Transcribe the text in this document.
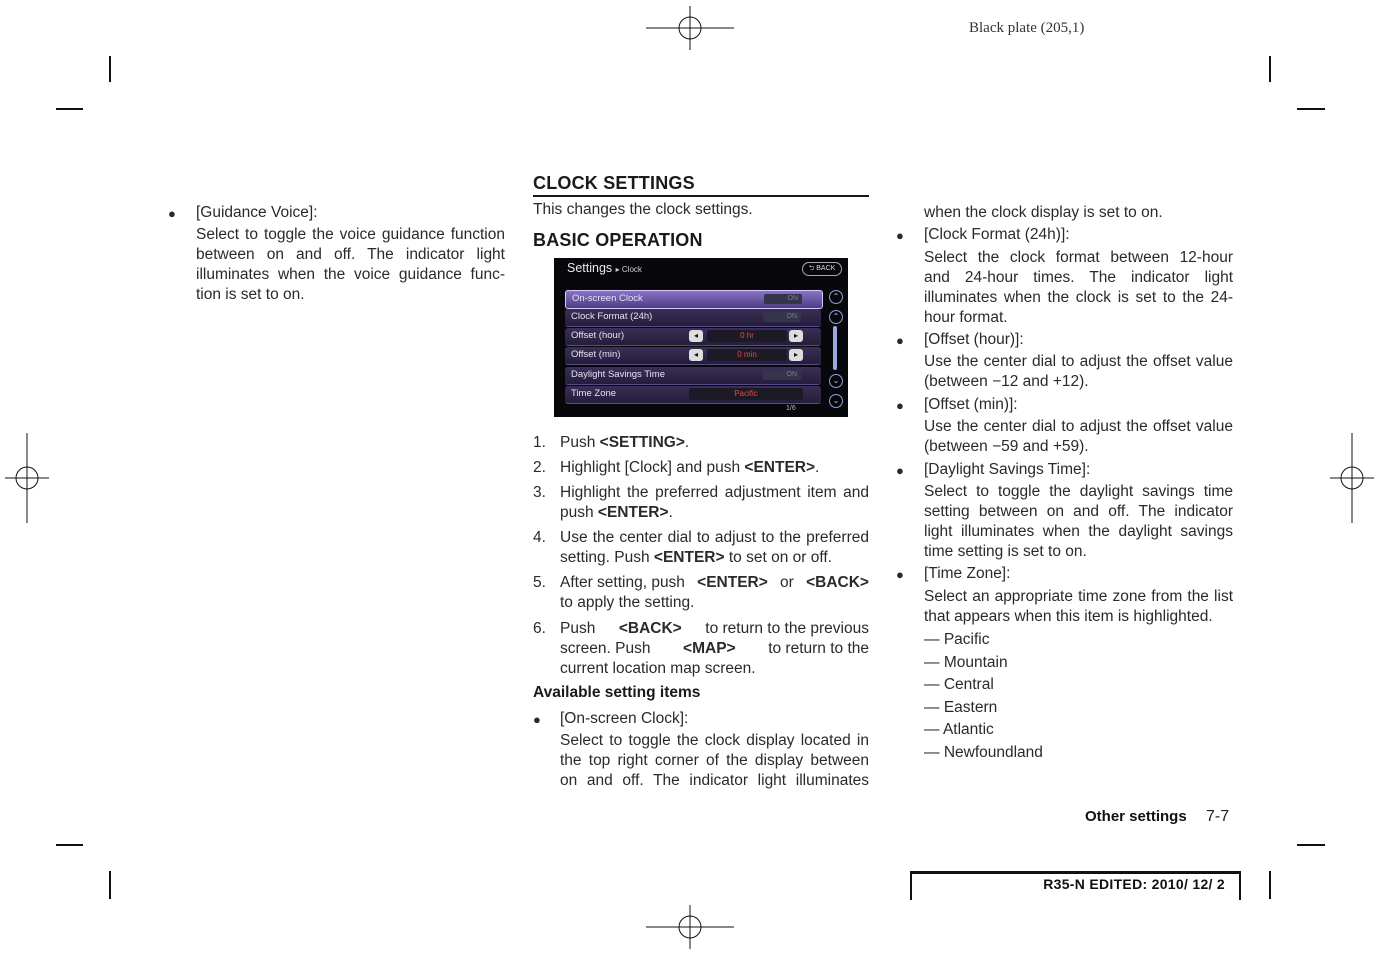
Black plate (205,1)
● [Guidance Voice]:
Select to toggle the voice guidance function
between on and off. The indicator light
illuminates when the voice guidance func-
tion is set to on.
CLOCK SETTINGS
This changes the clock settings.
BASIC OPERATION
Settings ▸ Clock	⮌ BACK
On-screen Clock	ON
Clock Format (24h)	ON
Offset (hour)	◂	0 hr	▸
Offset (min)	◂	0 min	▸
Daylight Savings Time	ON
Time Zone	Pacific
1/6
⌃
⌃
⌄
⌄
1. Push <SETTING>.
2. Highlight [Clock] and push <ENTER>.
3. Highlight the preferred adjustment item and
push <ENTER>.
4. Use the center dial to adjust to the preferred
setting. Push <ENTER> to set on or off.
5. After setting, push <ENTER> or <BACK>
to apply the setting.
6. Push <BACK> to return to the previous
screen. Push <MAP> to return to the
current location map screen.
Available setting items
● [On-screen Clock]:
Select to toggle the clock display located in
the top right corner of the display between
on and off. The indicator light illuminates
when the clock display is set to on.
● [Clock Format (24h)]:
Select the clock format between 12-hour
and 24-hour times. The indicator light
illuminates when the clock is set to the 24-
hour format.
● [Offset (hour)]:
Use the center dial to adjust the offset value
(between −12 and +12).
● [Offset (min)]:
Use the center dial to adjust the offset value
(between −59 and +59).
● [Daylight Savings Time]:
Select to toggle the daylight savings time
setting between on and off. The indicator
light illuminates when the daylight savings
time setting is set to on.
● [Time Zone]:
Select an appropriate time zone from the list
that appears when this item is highlighted.
— Pacific
— Mountain
— Central
— Eastern
— Atlantic
— Newfoundland
Other settings 7-7
R35-N EDITED: 2010/ 12/ 2
